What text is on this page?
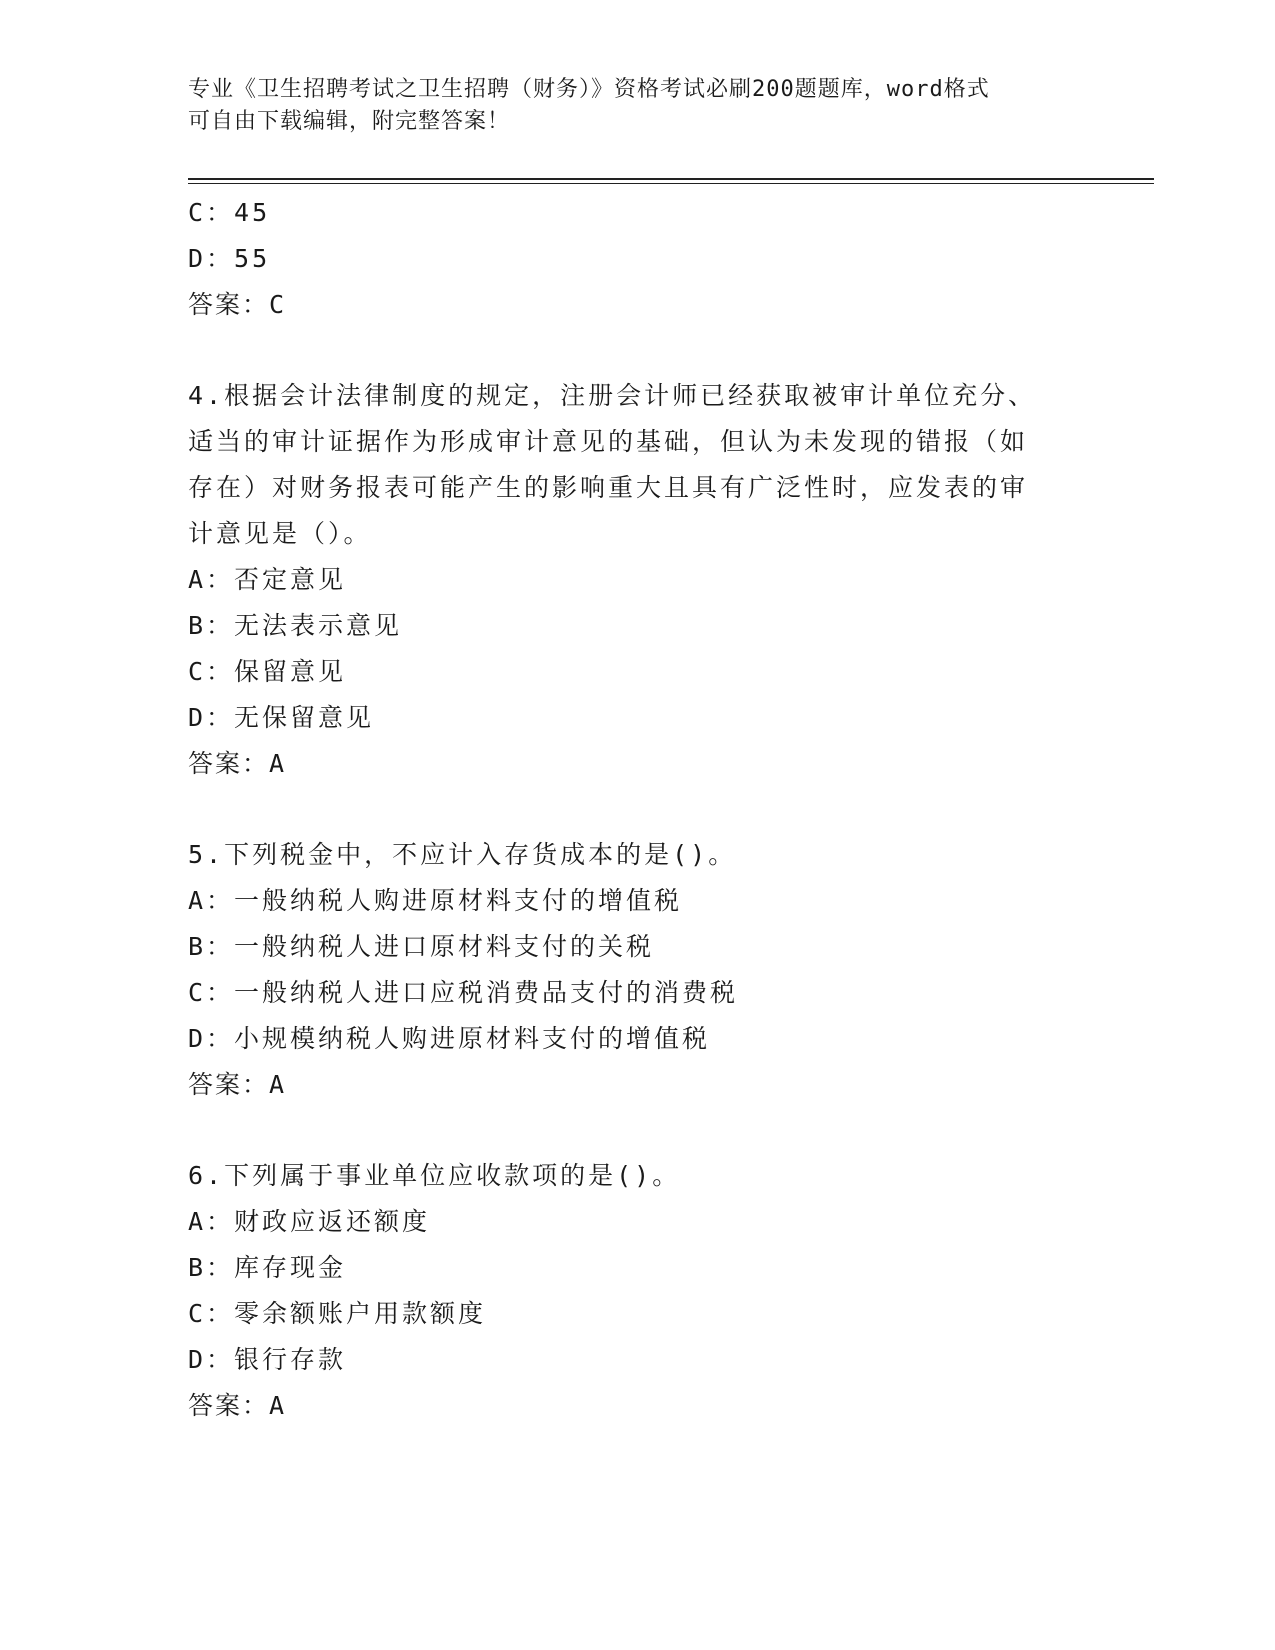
专业《卫生招聘考试之卫生招聘（财务）》资格考试必刷200题题库，word格式
可自由下载编辑，附完整答案！
C：45
D：55
答案：C
4.根据会计法律制度的规定，注册会计师已经获取被审计单位充分、
适当的审计证据作为形成审计意见的基础，但认为未发现的错报（如
存在）对财务报表可能产生的影响重大且具有广泛性时，应发表的审
计意见是（）。
A：否定意见
B：无法表示意见
C：保留意见
D：无保留意见
答案：A
5.下列税金中，不应计入存货成本的是()。
A：一般纳税人购进原材料支付的增值税
B：一般纳税人进口原材料支付的关税
C：一般纳税人进口应税消费品支付的消费税
D：小规模纳税人购进原材料支付的增值税
答案：A
6.下列属于事业单位应收款项的是()。
A：财政应返还额度
B：库存现金
C：零余额账户用款额度
D：银行存款
答案：A
